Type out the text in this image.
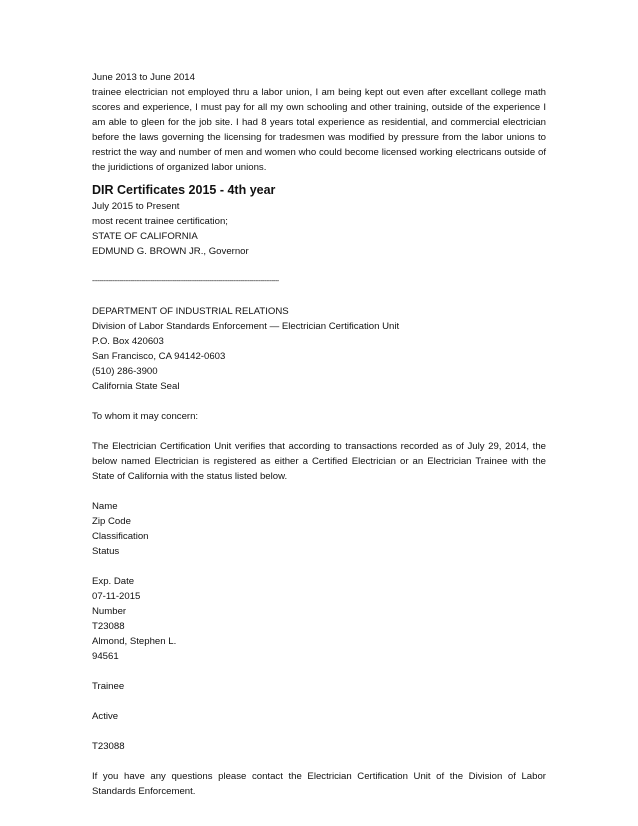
June 2013 to June 2014

trainee electrician not employed thru a labor union, I am being kept out even after excellant college math scores and experience, I must pay for all my own schooling and other training, outside of the experience I am able to gleen for the job site. I had 8 years total experience as residential, and commercial electrician before the laws governing the licensing for tradesmen was modified by pressure from the labor unions to restrict the way and number of men and women who could become licensed working electricans outside of the juridictions of organized labor unions.

DIR Certificates 2015 - 4th year

July 2015 to Present

most recent trainee certification;

STATE OF CALIFORNIA

EDMUND G. BROWN JR., Governor

------------------------------------------------------------------------------------------------------

DEPARTMENT OF INDUSTRIAL RELATIONS

Division of Labor Standards Enforcement — Electrician Certification Unit

P.O. Box 420603

San Francisco, CA 94142-0603

(510) 286-3900

California State Seal

To whom it may concern:

The Electrician Certification Unit verifies that according to transactions recorded as of July 29, 2014, the below named Electrician is registered as either a Certified Electrician or an Electrician Trainee with the State of California with the status listed below.

Name

Zip Code

Classification

Status

Exp. Date

07-11-2015

Number

T23088

Almond, Stephen L.

94561

Trainee

Active

T23088

If you have any questions please contact the Electrician Certification Unit of the Division of Labor Standards Enforcement.
